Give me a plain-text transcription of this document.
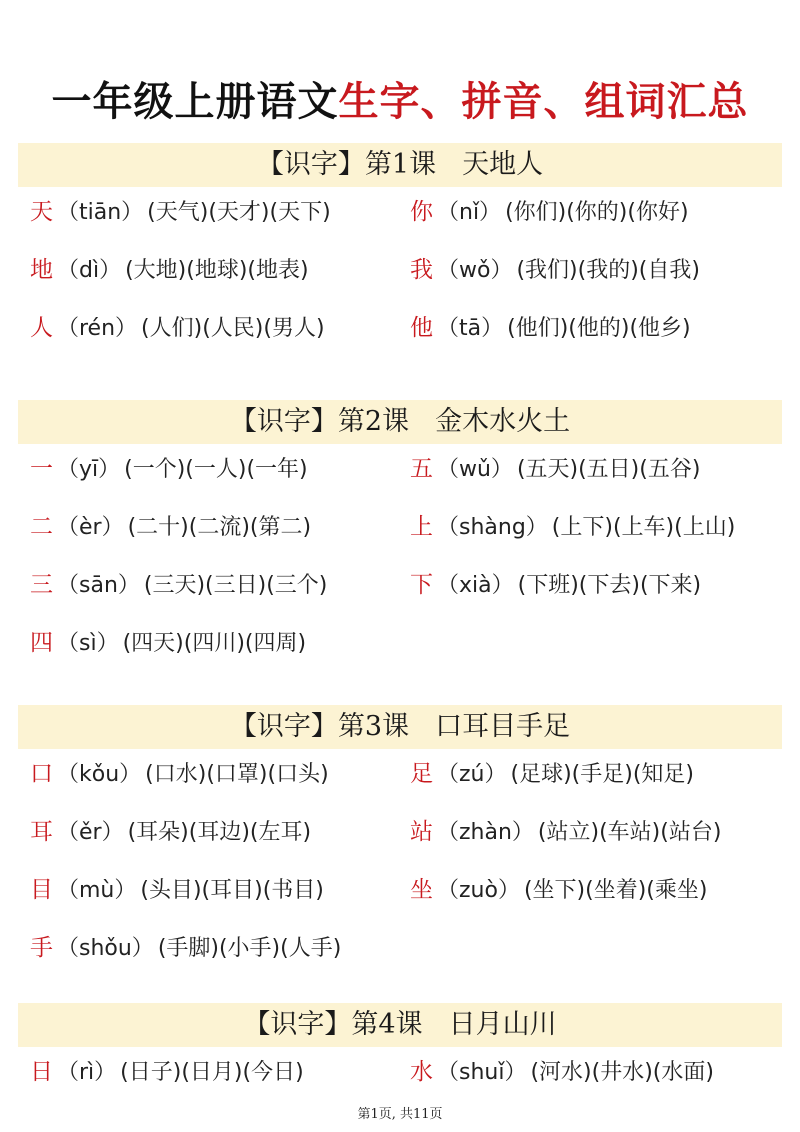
一年级上册语文生字、拼音、组词汇总
【识字】第1课 天地人
天 （tiān） (天气)(天才)(天下)
地 （dì） (大地)(地球)(地表)
人 （rén） (人们)(人民)(男人)
你 （nǐ） (你们)(你的)(你好)
我 （wǒ） (我们)(我的)(自我)
他 （tā） (他们)(他的)(他乡)
【识字】第2课 金木水火土
一 （yī） (一个)(一人)(一年)
二 （èr） (二十)(二流)(第二)
三 （sān） (三天)(三日)(三个)
四 （sì） (四天)(四川)(四周)
五 （wǔ） (五天)(五日)(五谷)
上 （shàng） (上下)(上车)(上山)
下 （xià） (下班)(下去)(下来)
【识字】第3课 口耳目手足
口 （kǒu） (口水)(口罩)(口头)
耳 （ěr） (耳朵)(耳边)(左耳)
目 （mù） (头目)(耳目)(书目)
手 （shǒu） (手脚)(小手)(人手)
足 （zú） (足球)(手足)(知足)
站 （zhàn） (站立)(车站)(站台)
坐 （zuò） (坐下)(坐着)(乘坐)
【识字】第4课 日月山川
日 （rì） (日子)(日月)(今日)	水 （shuǐ） (河水)(井水)(水面)
第1页, 共11页
